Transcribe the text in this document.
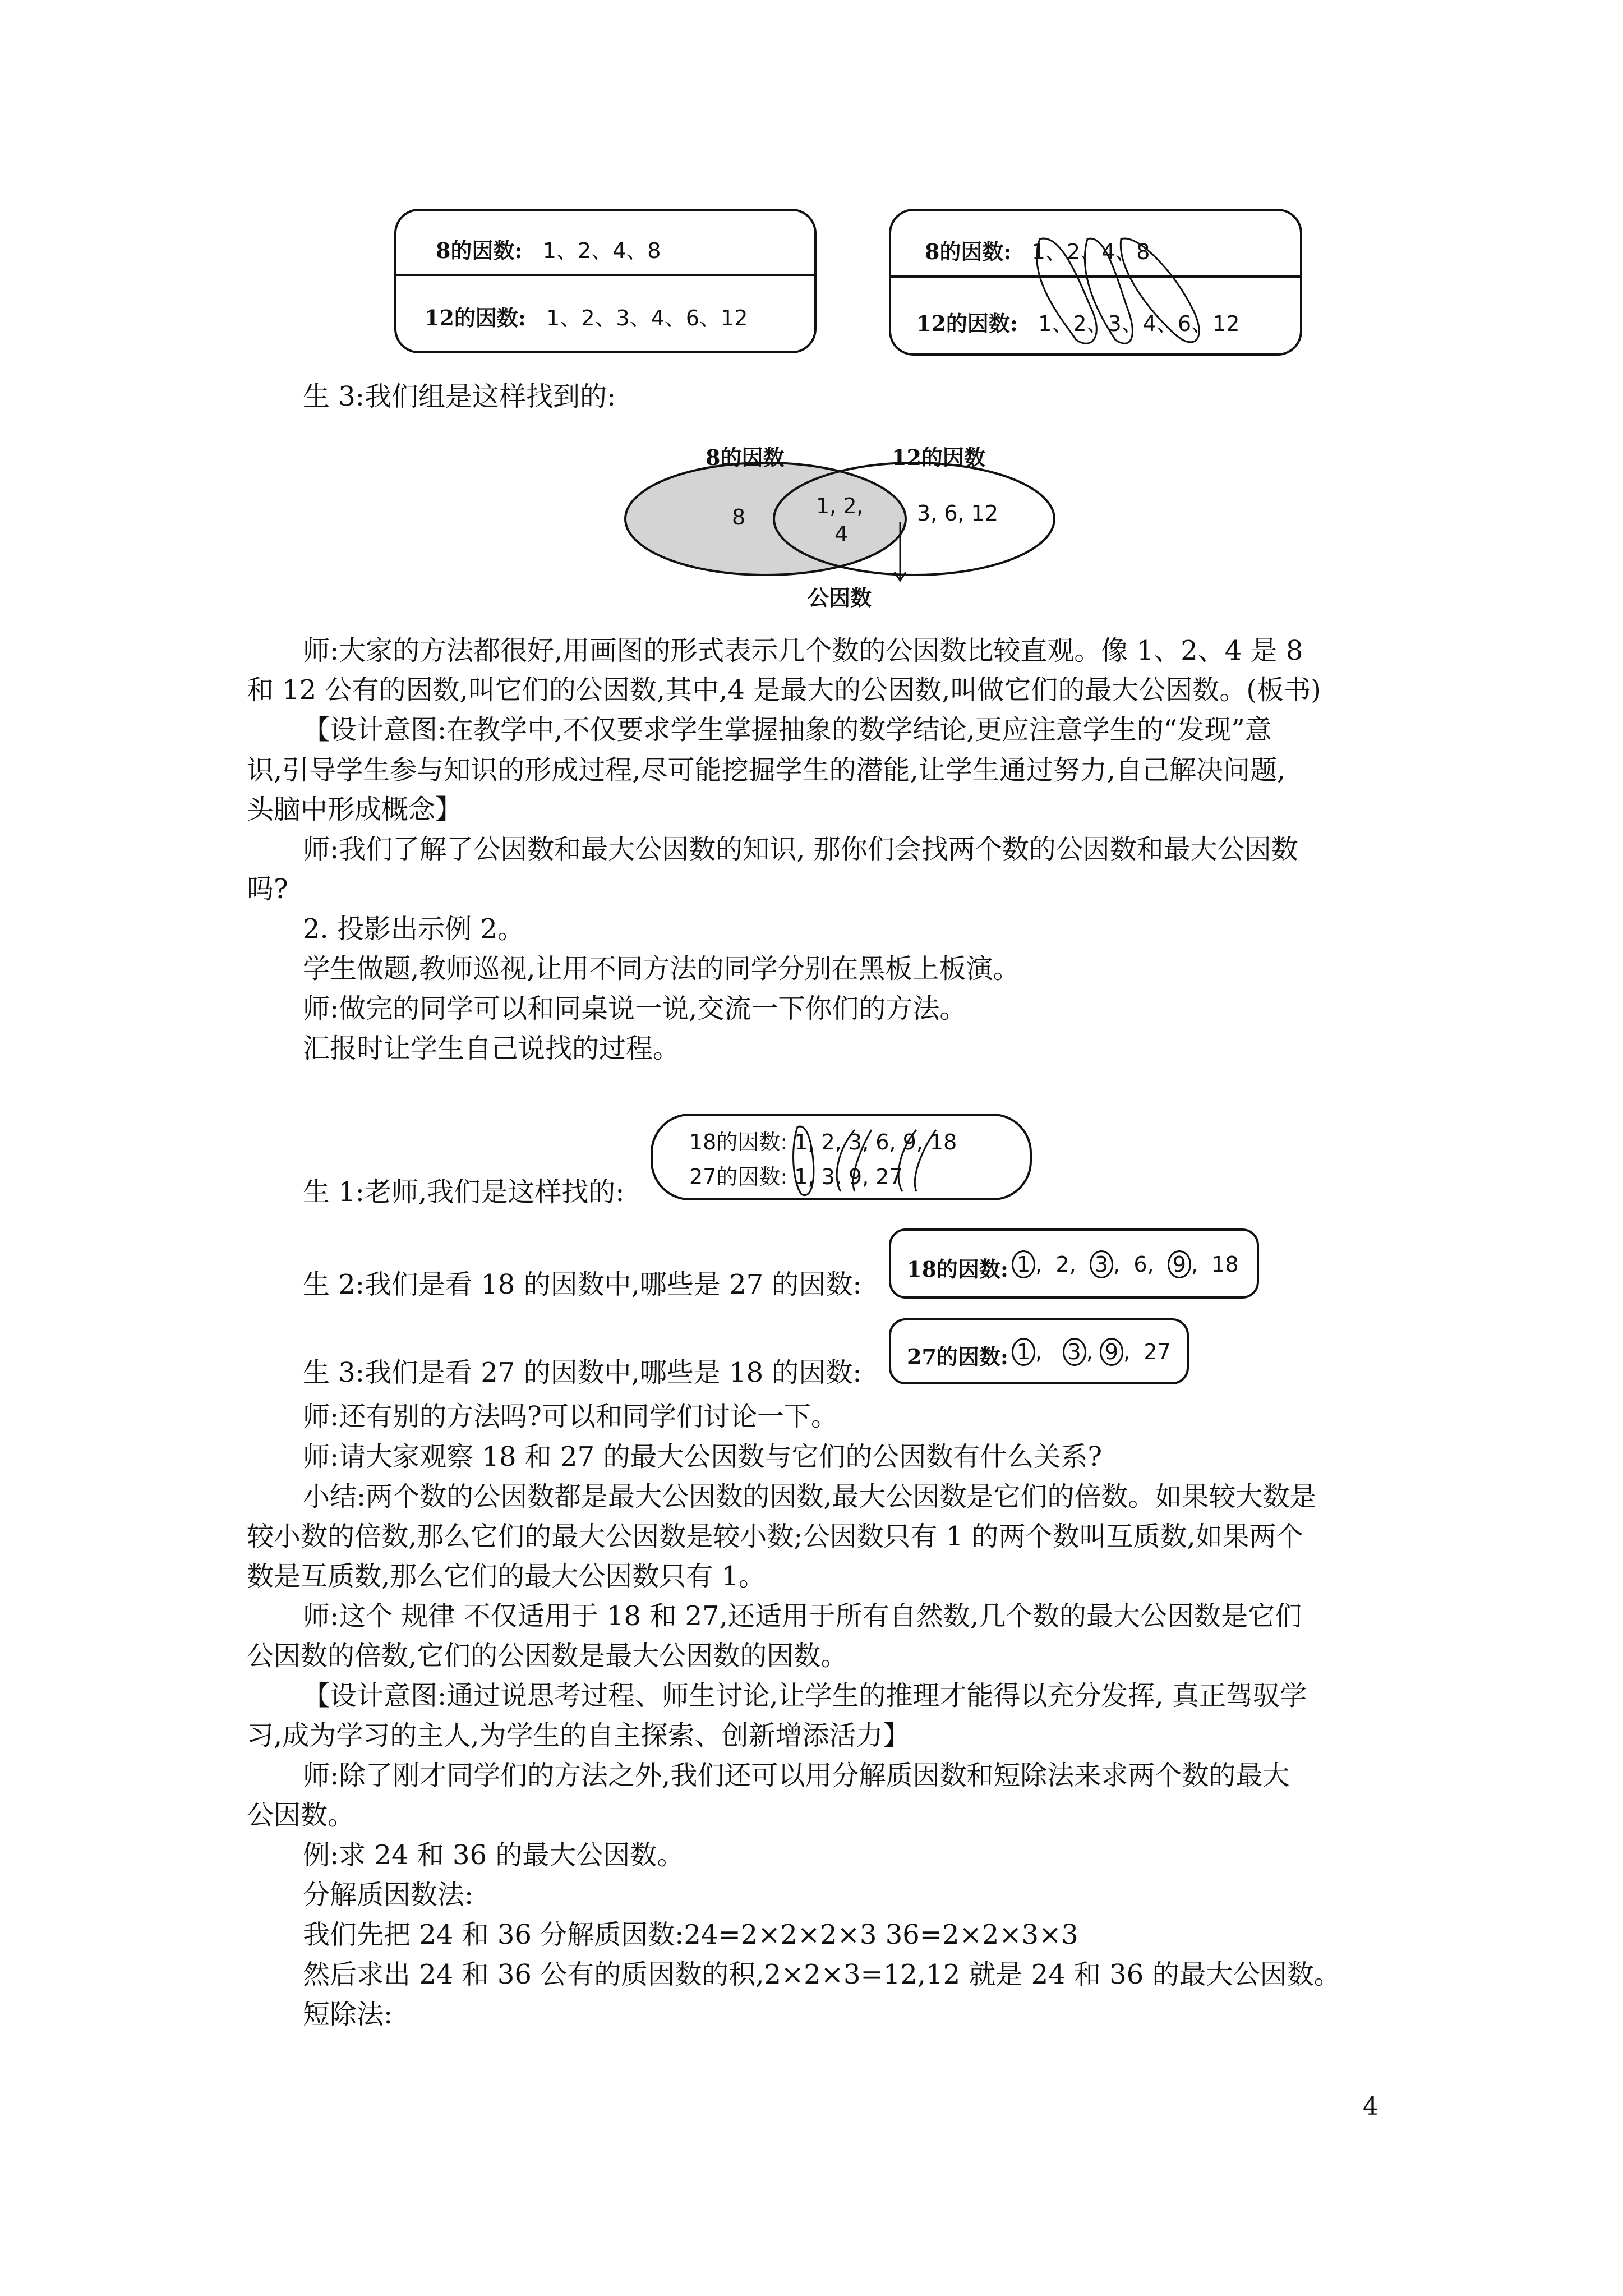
8的因数: 1、2、4、8
12的因数: 1、2、3、4、6、12
8的因数: 1、2、4、8
12的因数: 1、2、3、4、6、12
生 3:我们组是这样找到的:
8的因数	12的因数
8	1, 2,
4
3, 6, 12
公因数
师:大家的方法都很好,用画图的形式表示几个数的公因数比较直观。像 1、2、4 是 8
和 12 公有的因数,叫它们的公因数,其中,4 是最大的公因数,叫做它们的最大公因数。(板书)
【设计意图:在教学中,不仅要求学生掌握抽象的数学结论,更应注意学生的“发现”意
识,引导学生参与知识的形成过程,尽可能挖掘学生的潜能,让学生通过努力,自己解决问题,
头脑中形成概念】
师:我们了解了公因数和最大公因数的知识, 那你们会找两个数的公因数和最大公因数
吗?
2. 投影出示例 2。
学生做题,教师巡视,让用不同方法的同学分别在黑板上板演。
师:做完的同学可以和同桌说一说,交流一下你们的方法。
汇报时让学生自己说找的过程。
18的因数: 1, 2, 3, 6, 9, 18
27的因数: 1, 3, 9, 27
生 1:老师,我们是这样找的:
18的因数: 1 ,  2,  3 ,  6,  9 ,  18
生 2:我们是看 18 的因数中,哪些是 27 的因数:
27的因数: 1 ,   3 , 9 ,  27
生 3:我们是看 27 的因数中,哪些是 18 的因数:
师:还有别的方法吗?可以和同学们讨论一下。
师:请大家观察 18 和 27 的最大公因数与它们的公因数有什么关系?
小结:两个数的公因数都是最大公因数的因数,最大公因数是它们的倍数。如果较大数是
较小数的倍数,那么它们的最大公因数是较小数;公因数只有 1 的两个数叫互质数,如果两个
数是互质数,那么它们的最大公因数只有 1。
师:这个 规律 不仅适用于 18 和 27,还适用于所有自然数,几个数的最大公因数是它们
公因数的倍数,它们的公因数是最大公因数的因数。
【设计意图:通过说思考过程、师生讨论,让学生的推理才能得以充分发挥, 真正驾驭学
习,成为学习的主人,为学生的自主探索、创新增添活力】
师:除了刚才同学们的方法之外,我们还可以用分解质因数和短除法来求两个数的最大
公因数。
例:求 24 和 36 的最大公因数。
分解质因数法:
我们先把 24 和 36 分解质因数:24=2×2×2×3 36=2×2×3×3
然后求出 24 和 36 公有的质因数的积,2×2×3=12,12 就是 24 和 36 的最大公因数。
短除法:
4
